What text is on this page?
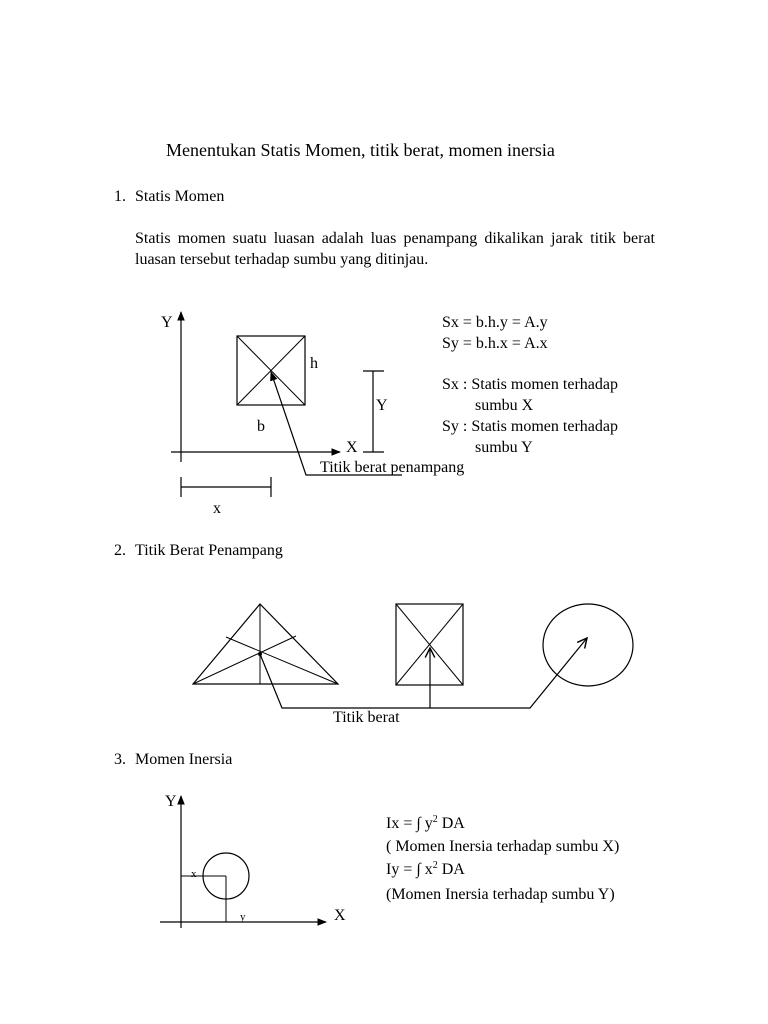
Menentukan Statis Momen, titik berat, momen inersia
1. Statis Momen
Statis momen suatu luasan adalah luas penampang dikalikan jarak titik berat luasan tersebut terhadap sumbu yang ditinjau.
Y
X
h
b
Y
x
Titik berat penampang
Titik berat
Y
X
x
y
Sx = b.h.y = A.y
Sy = b.h.x = A.x
Sx : Statis momen terhadap
sumbu X
Sy : Statis momen terhadap
sumbu Y
2. Titik Berat Penampang
3. Momen Inersia
Ix = ∫ $y^2$ DA
( Momen Inersia terhadap sumbu X)
Iy = ∫ $x^2$ DA
(Momen Inersia terhadap sumbu Y)
